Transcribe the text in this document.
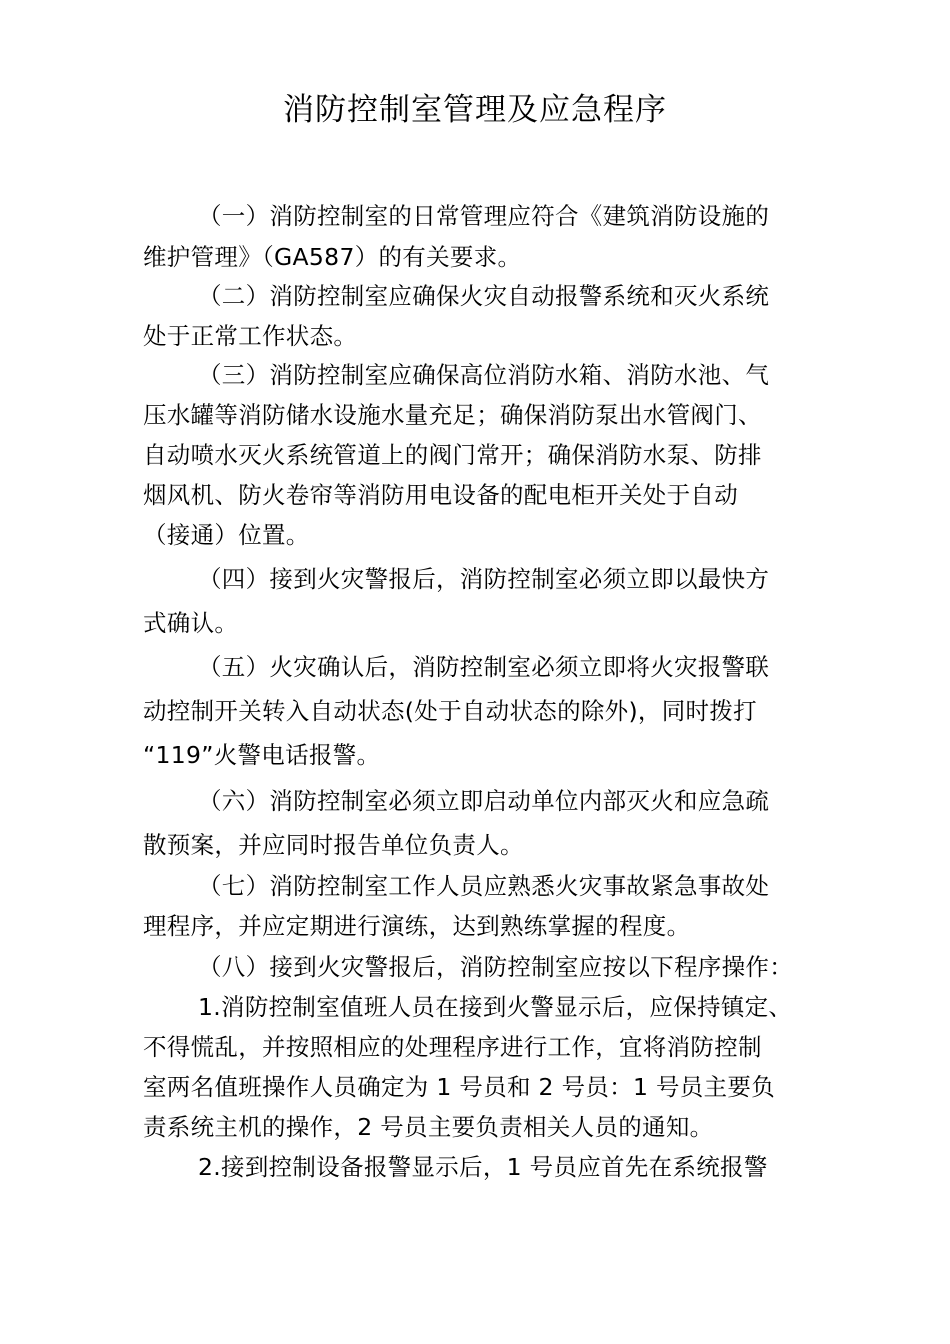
消防控制室管理及应急程序
（一）消防控制室的日常管理应符合《建筑消防设施的
维护管理》（GA587）的有关要求。
（二）消防控制室应确保火灾自动报警系统和灭火系统
处于正常工作状态。
（三）消防控制室应确保高位消防水箱、消防水池、气
压水罐等消防储水设施水量充足；确保消防泵出水管阀门、
自动喷水灭火系统管道上的阀门常开；确保消防水泵、防排
烟风机、防火卷帘等消防用电设备的配电柜开关处于自动
（接通）位置。
（四）接到火灾警报后，消防控制室必须立即以最快方
式确认。
（五）火灾确认后，消防控制室必须立即将火灾报警联
动控制开关转入自动状态(处于自动状态的除外)，同时拨打
“119”火警电话报警。
（六）消防控制室必须立即启动单位内部灭火和应急疏
散预案，并应同时报告单位负责人。
（七）消防控制室工作人员应熟悉火灾事故紧急事故处
理程序，并应定期进行演练，达到熟练掌握的程度。
（八）接到火灾警报后，消防控制室应按以下程序操作：
1.消防控制室值班人员在接到火警显示后，应保持镇定、
不得慌乱，并按照相应的处理程序进行工作，宜将消防控制
室两名值班操作人员确定为 1 号员和 2 号员：1 号员主要负
责系统主机的操作，2 号员主要负责相关人员的通知。
2.接到控制设备报警显示后，1 号员应首先在系统报警
